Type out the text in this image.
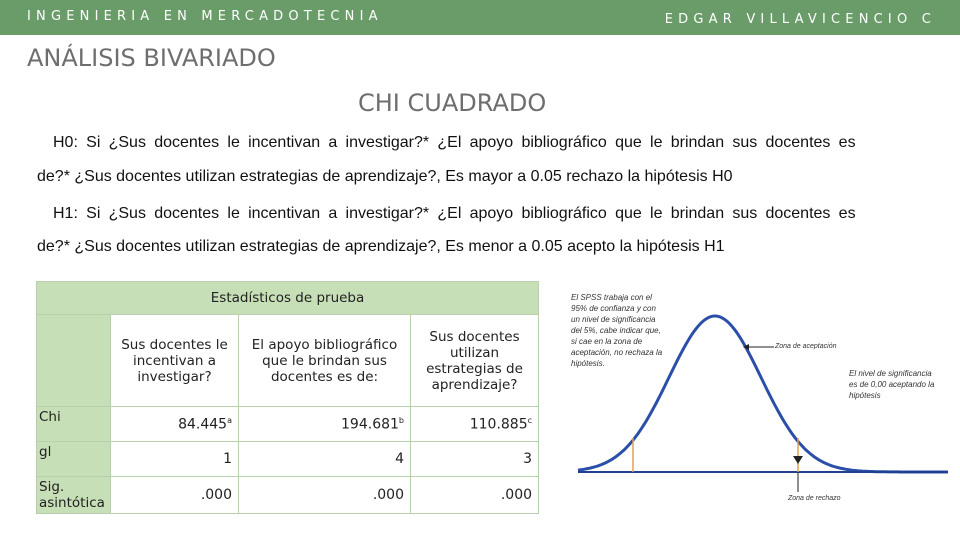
INGENIERIA EN MERCADOTECNIA	EDGAR VILLAVICENCIO C
ANÁLISIS BIVARIADO
CHI CUADRADO
H0: Si ¿Sus docentes le incentivan a investigar?* ¿El apoyo bibliográfico que le brindan sus docentes es
de?* ¿Sus docentes utilizan estrategias de aprendizaje?, Es mayor a 0.05 rechazo la hipótesis H0
H1: Si ¿Sus docentes le incentivan a investigar?* ¿El apoyo bibliográfico que le brindan sus docentes es
de?* ¿Sus docentes utilizan estrategias de aprendizaje?, Es menor a 0.05 acepto la hipótesis H1
Estadísticos de prueba			
	Sus docentes le incentivan a investigar?	El apoyo bibliográfico que le brindan sus docentes es de:	Sus docentes utilizan estrategias de aprendizaje?
Chi	84.445$^a$	194.681$^b$	110.885$^c$
gl	1	4	3
Sig. asintótica	.000	.000	.000
El SPSS trabaja con el 95% de confianza y con un nivel de significancia del 5%, cabe indicar que, si cae en la zona de aceptación, no rechaza la hipótesis.
Zona de aceptación
El nivel de significancia es de 0,00 aceptando la hipótesis
Zona de rechazo
